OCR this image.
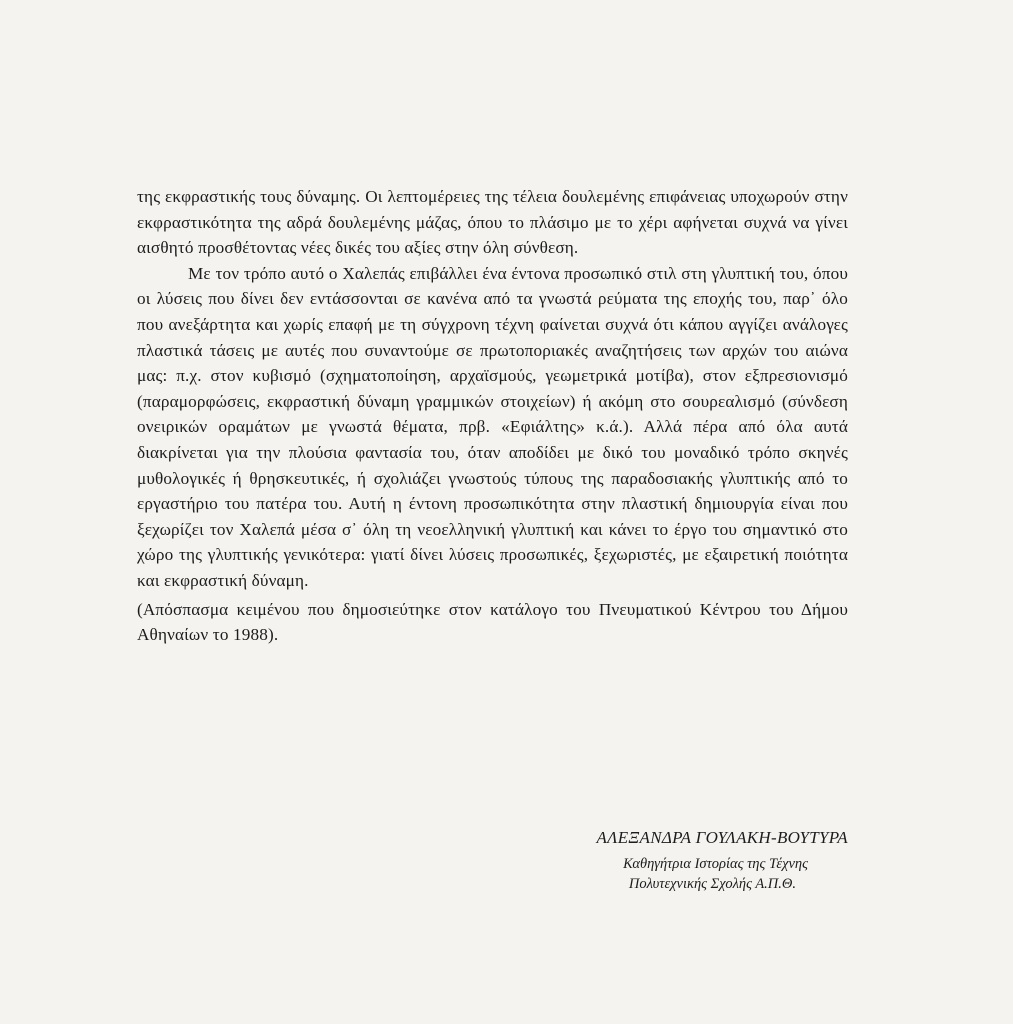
της εκφραστικής τους δύναμης. Οι λεπτομέρειες της τέλεια δουλεμένης επιφάνειας υποχωρούν στην εκφραστικότητα της αδρά δουλεμένης μάζας, όπου το πλάσιμο με το χέρι αφήνεται συχνά να γίνει αισθητό προσθέτοντας νέες δικές του αξίες στην όλη σύνθεση.

Με τον τρόπο αυτό ο Χαλεπάς επιβάλλει ένα έντονα προσωπικό στιλ στη γλυπτική του, όπου οι λύσεις που δίνει δεν εντάσσονται σε κανένα από τα γνωστά ρεύματα της εποχής του, παρ᾽ όλο που ανεξάρτητα και χωρίς επαφή με τη σύγχρονη τέχνη φαίνεται συχνά ότι κάπου αγγίζει ανάλογες πλαστικά τάσεις με αυτές που συναντούμε σε πρωτοποριακές αναζητήσεις των αρχών του αιώνα μας: π.χ. στον κυβισμό (σχηματοποίηση, αρχαϊσμούς, γεωμετρικά μοτίβα), στον εξπρεσιονισμό (παραμορφώσεις, εκφραστική δύναμη γραμμικών στοιχείων) ή ακόμη στο σουρεαλισμό (σύνδεση ονειρικών οραμάτων με γνωστά θέματα, πρβ. «Εφιάλτης» κ.ά.). Αλλά πέρα από όλα αυτά διακρίνεται για την πλούσια φαντασία του, όταν αποδίδει με δικό του μοναδικό τρόπο σκηνές μυθολογικές ή θρησκευτικές, ή σχολιάζει γνωστούς τύπους της παραδοσιακής γλυπτικής από το εργαστήριο του πατέρα του. Αυτή η έντονη προσωπικότητα στην πλαστική δημιουργία είναι που ξεχωρίζει τον Χαλεπά μέσα σ᾽ όλη τη νεοελληνική γλυπτική και κάνει το έργο του σημαντικό στο χώρο της γλυπτικής γενικότερα: γιατί δίνει λύσεις προσωπικές, ξεχωριστές, με εξαιρετική ποιότητα και εκφραστική δύναμη.

(Απόσπασμα κειμένου που δημοσιεύτηκε στον κατάλογο του Πνευματικού Κέντρου του Δήμου Αθηναίων το 1988).

ΑΛΕΞΑΝΔΡΑ ΓΟΥΛΑΚΗ-ΒΟΥΤΥΡΑ
Καθηγήτρια Ιστορίας της Τέχνης
Πολυτεχνικής Σχολής Α.Π.Θ.
